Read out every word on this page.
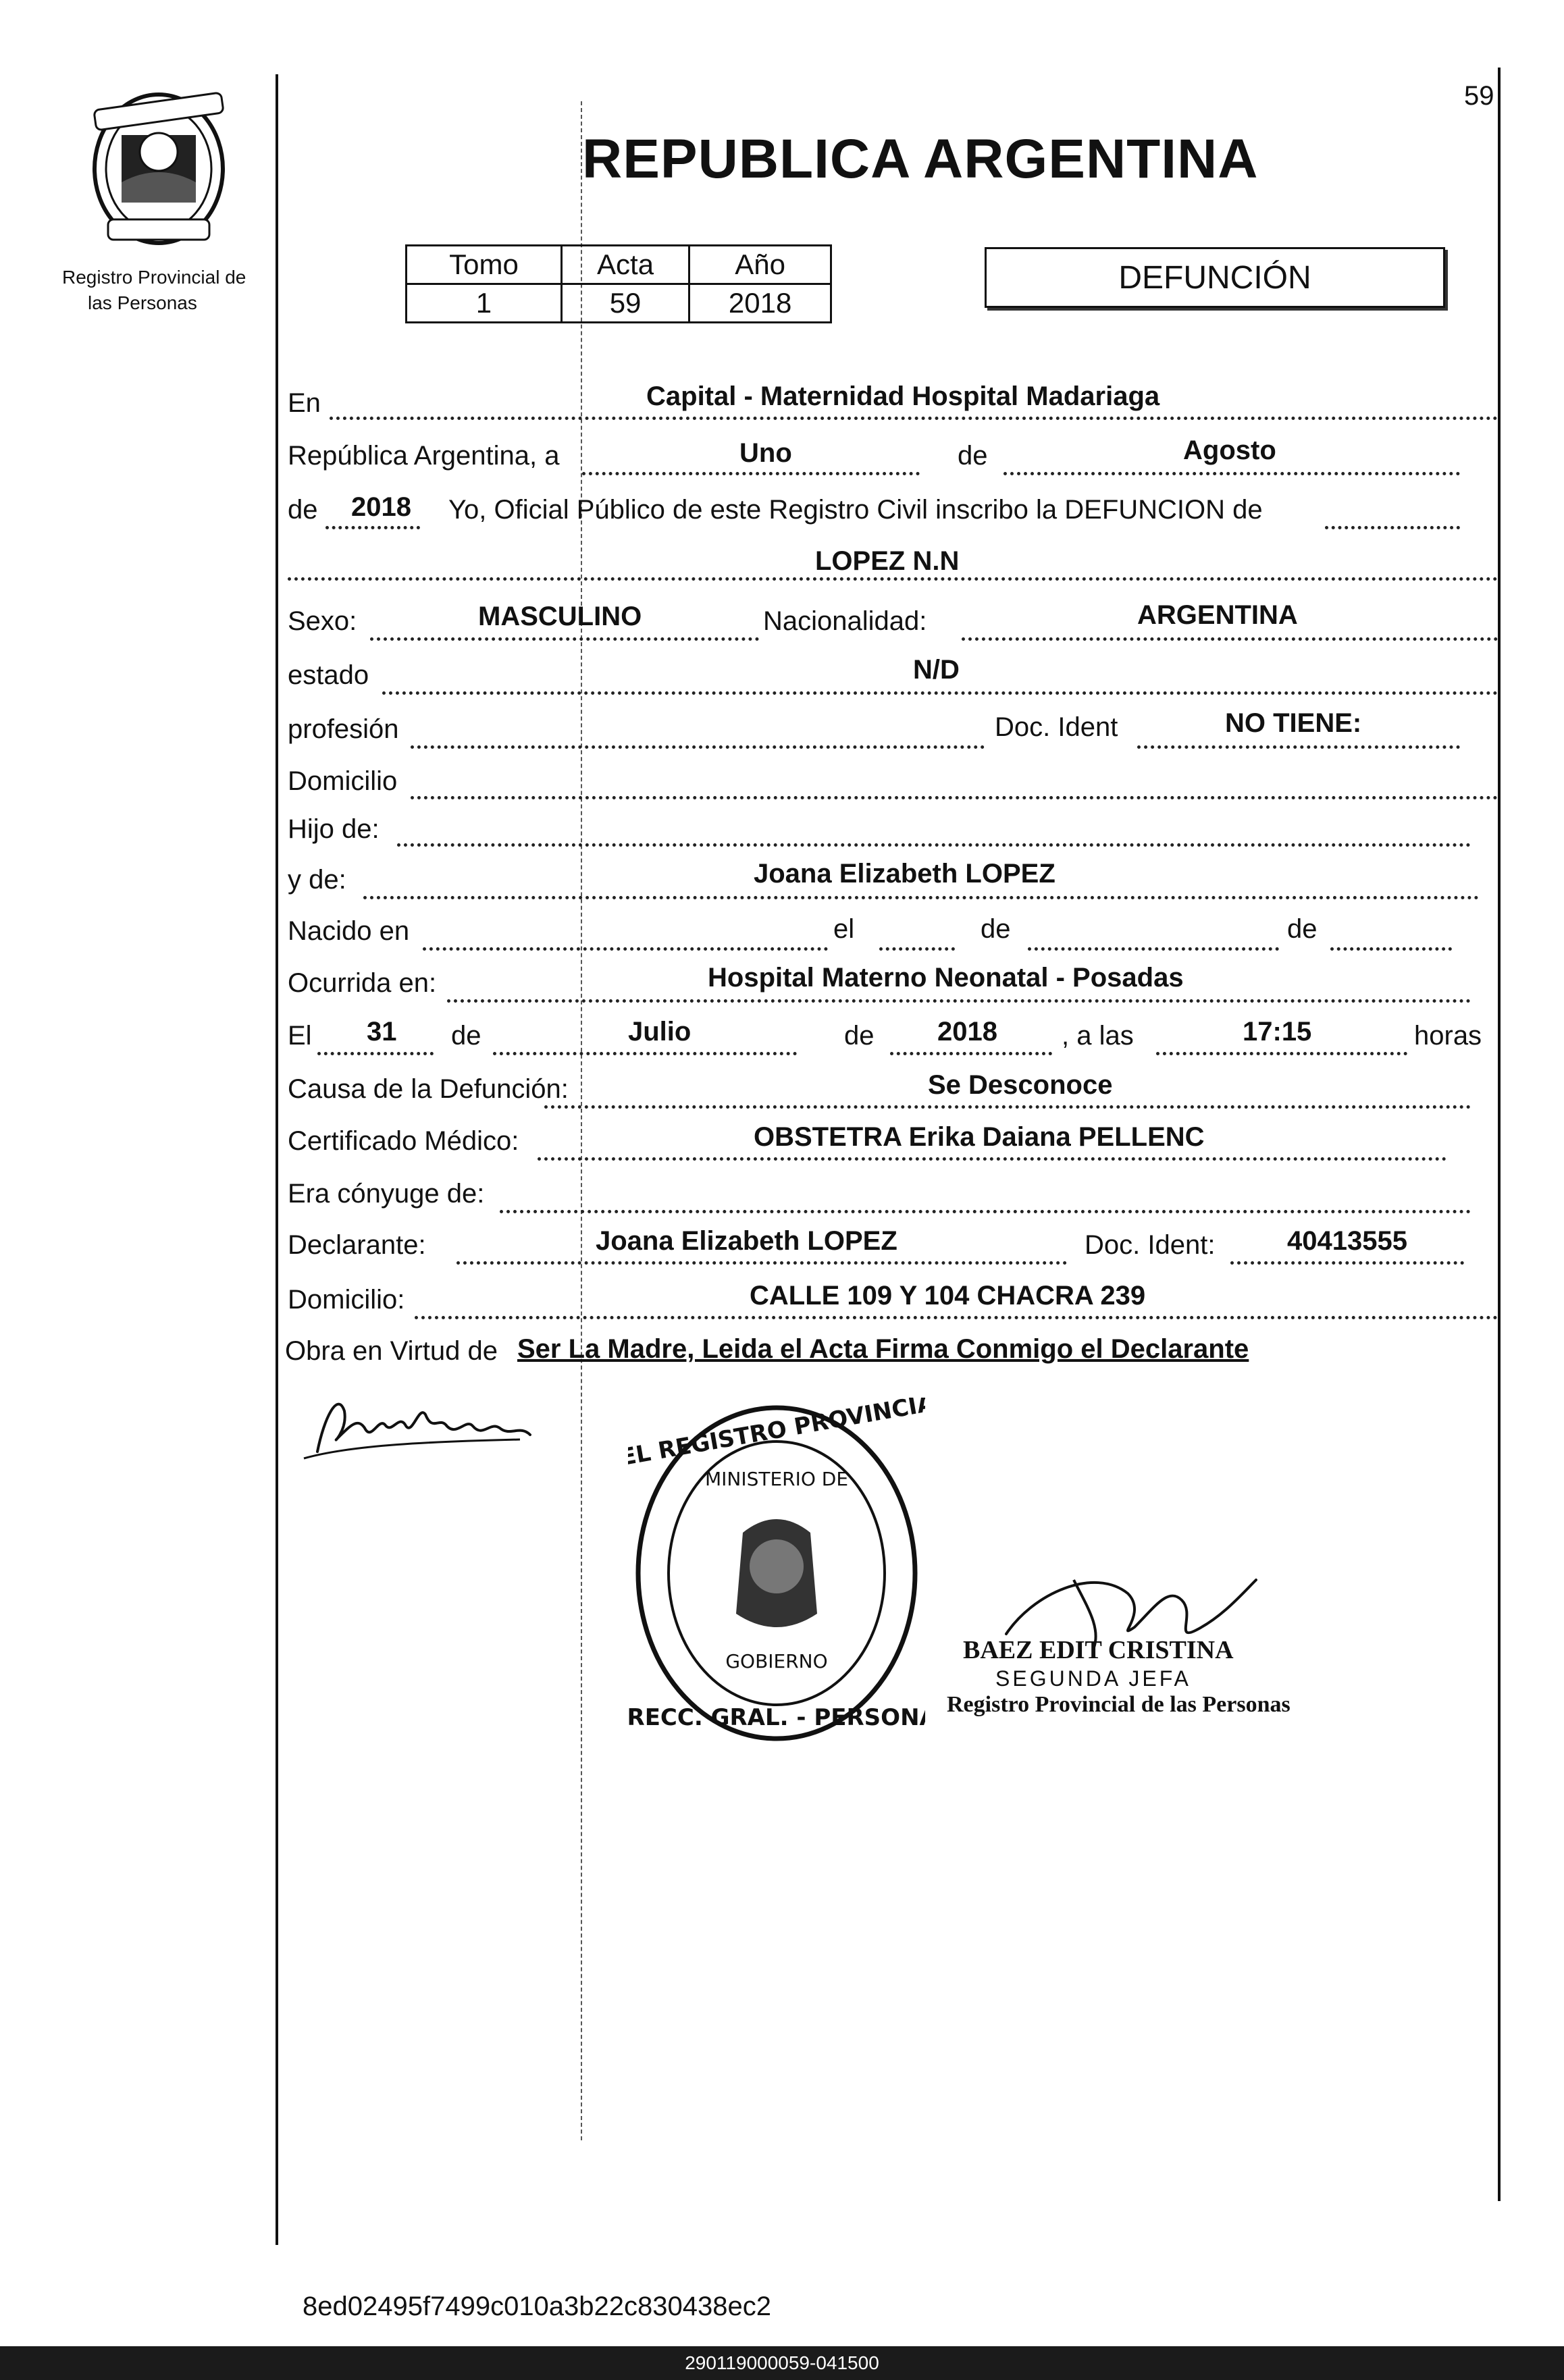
Registro Provincial de
las Personas
59
REPUBLICA ARGENTINA
Tomo	Acta	Año
1	59	2018
DEFUNCIÓN
En	Capital - Maternidad Hospital Madariaga
República Argentina, a	Uno	de	Agosto
de 2018 Yo, Oficial Público de este Registro Civil inscribo la DEFUNCION de
LOPEZ N.N
Sexo:	MASCULINO	Nacionalidad:	ARGENTINA
estado	N/D
profesión	Doc. Ident	NO TIENE:
Domicilio
Hijo de:
y de:	Joana Elizabeth LOPEZ
Nacido en	el	de	de
Ocurrida en:	Hospital Materno Neonatal - Posadas
El 31 de	Julio	de 2018 , a las	17:15	horas
Causa de la Defunción:	Se Desconoce
Certificado Médico:	OBSTETRA Erika Daiana PELLENC
Era cónyuge de:
Declarante:	Joana Elizabeth LOPEZ	Doc. Ident:	40413555
Domicilio:	CALLE 109 Y 104 CHACRA 239
Obra en Virtud de Ser La Madre, Leida el Acta Firma Conmigo el Declarante
DEL REGISTRO PROVINCIAL
RECC. GRAL. - PERSON
MINISTERIO DE
GOBIERNO	BAEZ EDIT CRISTINA
SEGUNDA JEFA
Registro Provincial de las Personas
8ed02495f7499c010a3b22c830438ec2
290119000059-041500
